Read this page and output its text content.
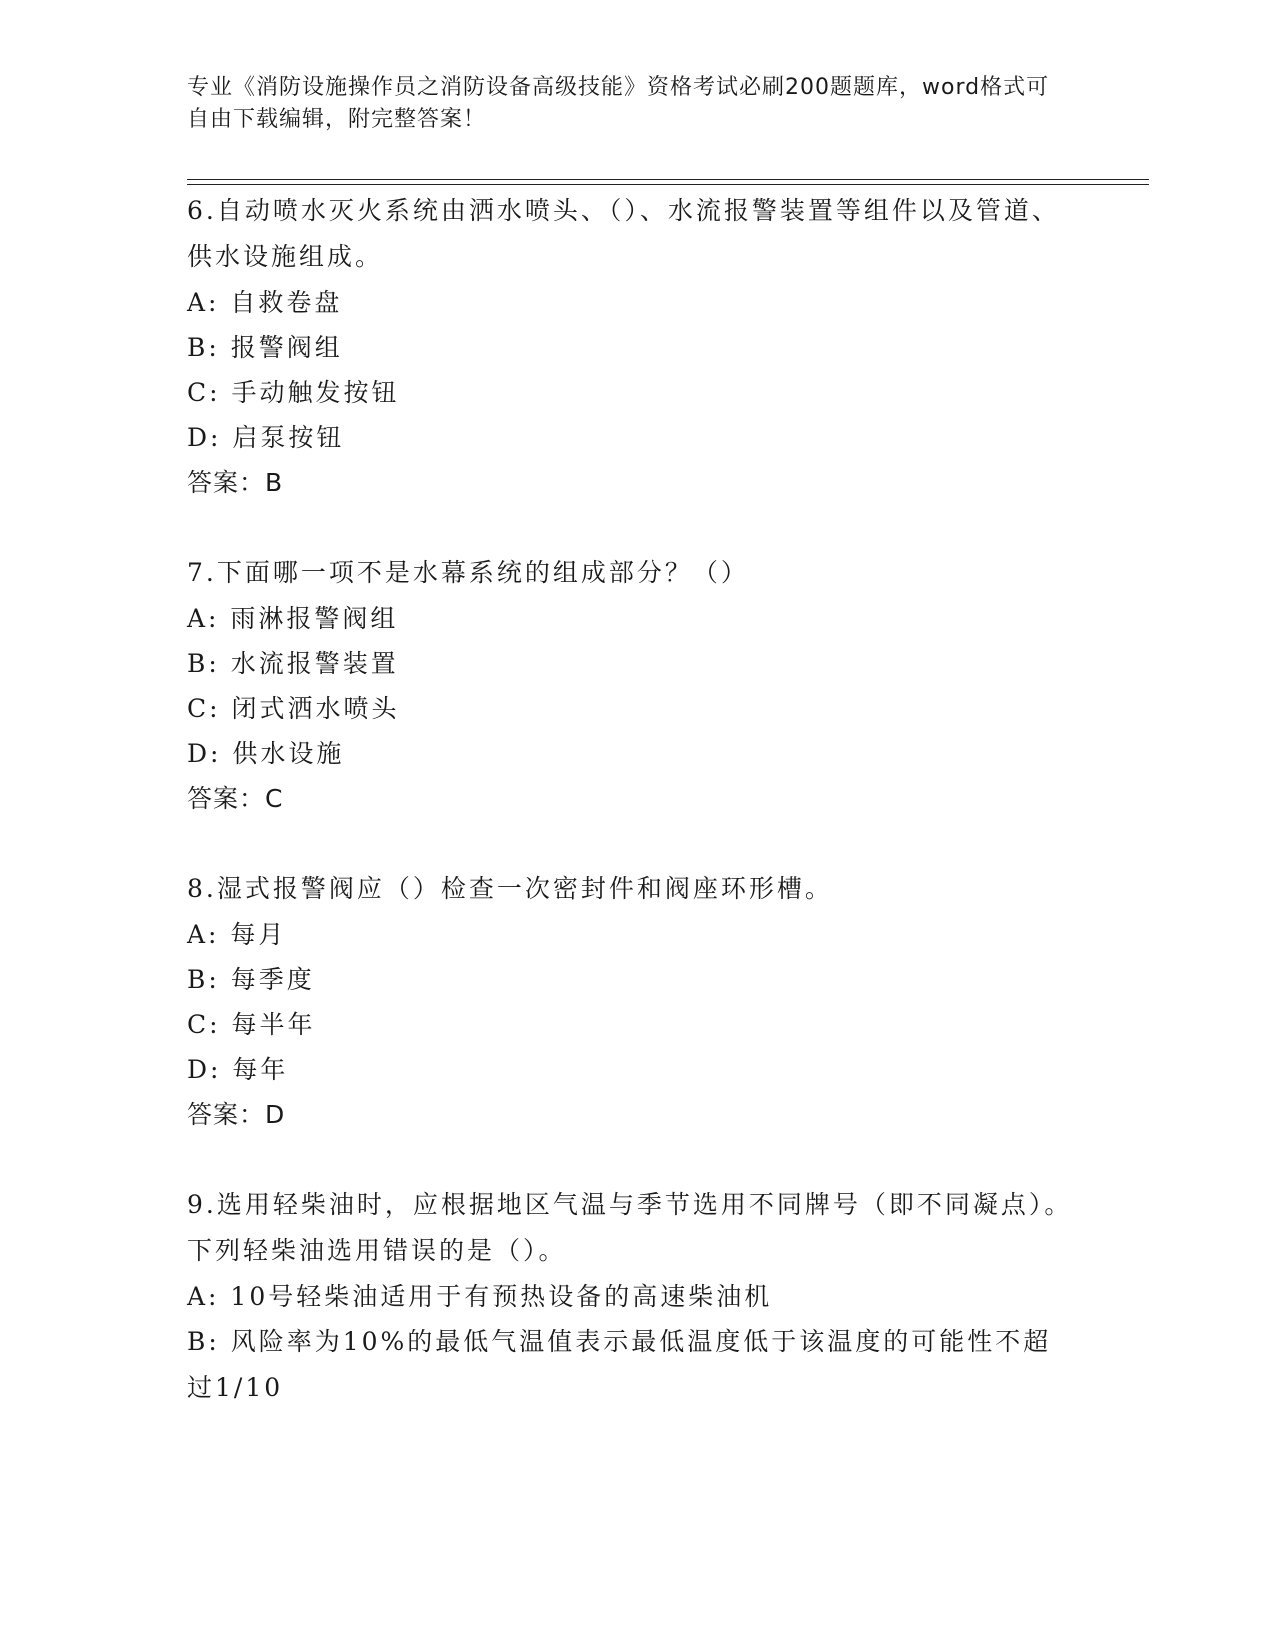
专业《消防设施操作员之消防设备高级技能》资格考试必刷200题题库，word格式可自由下载编辑，附完整答案！
6.自动喷水灭火系统由洒水喷头、（）、水流报警装置等组件以及管道、供水设施组成。
A: 自救卷盘
B: 报警阀组
C: 手动触发按钮
D: 启泵按钮
答案：B
7.下面哪一项不是水幕系统的组成部分？（）
A: 雨淋报警阀组
B: 水流报警装置
C: 闭式洒水喷头
D: 供水设施
答案：C
8.湿式报警阀应（）检查一次密封件和阀座环形槽。
A: 每月
B: 每季度
C: 每半年
D: 每年
答案：D
9.选用轻柴油时，应根据地区气温与季节选用不同牌号（即不同凝点）。下列轻柴油选用错误的是（）。
A: 10号轻柴油适用于有预热设备的高速柴油机
B: 风险率为10%的最低气温值表示最低温度低于该温度的可能性不超过1/10
